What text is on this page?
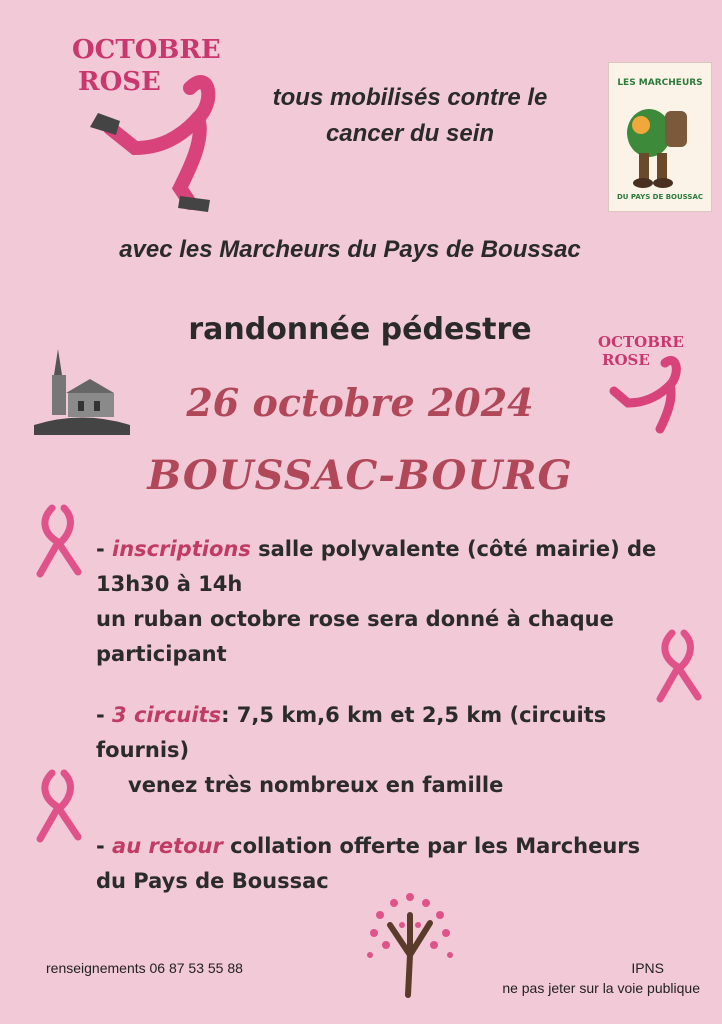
OCTOBRE
ROSE
tous mobilisés contre le
cancer du sein
LES MARCHEURS
DU PAYS DE BOUSSAC
avec les Marcheurs du Pays de Boussac
randonnée pédestre	OCTOBRE
ROSE
26 octobre 2024
BOUSSAC-BOURG

- inscriptions salle polyvalente (côté mairie) de

13h30 à 14h

un ruban octobre rose sera donné à chaque

participant

- 3 circuits: 7,5 km,6 km et 2,5 km (circuits

fournis)

venez très nombreux en famille

- au retour collation offerte par les Marcheurs

du Pays de Boussac

renseignements 06 87 53 55 88	IPNS
ne pas jeter sur la voie publique
